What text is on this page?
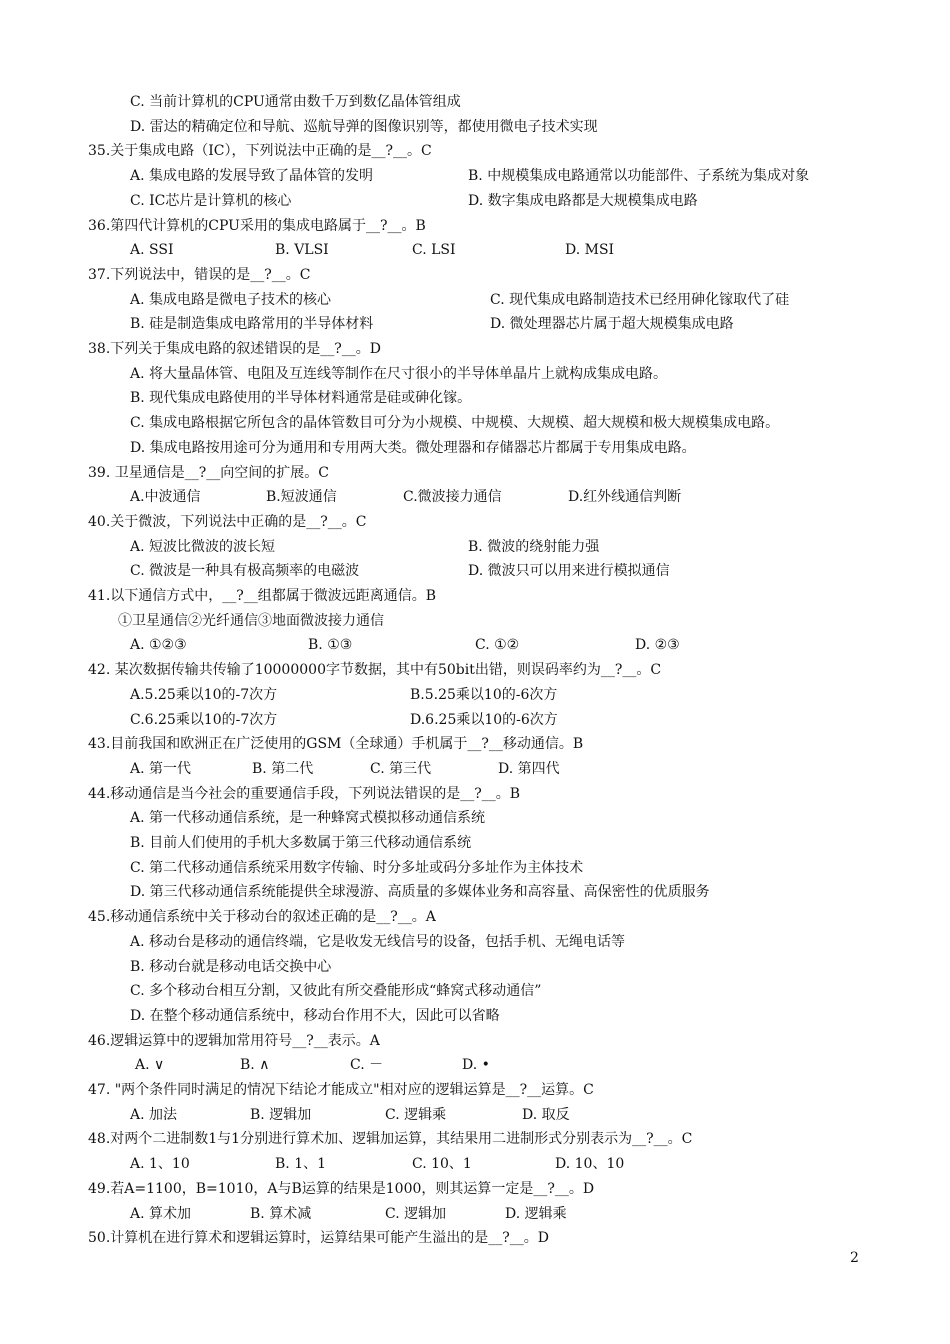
C. 当前计算机的CPU通常由数千万到数亿晶体管组成
D. 雷达的精确定位和导航、巡航导弹的图像识别等，都使用微电子技术实现
35.关于集成电路（IC），下列说法中正确的是__?__。C
A. 集成电路的发展导致了晶体管的发明	B. 中规模集成电路通常以功能部件、子系统为集成对象
C. IC芯片是计算机的核心	D. 数字集成电路都是大规模集成电路
36.第四代计算机的CPU采用的集成电路属于__?__。B
A. SSI	B. VLSI	C. LSI	D. MSI
37.下列说法中，错误的是__?__。C
A. 集成电路是微电子技术的核心	C. 现代集成电路制造技术已经用砷化镓取代了硅
B. 硅是制造集成电路常用的半导体材料	D. 微处理器芯片属于超大规模集成电路
38.下列关于集成电路的叙述错误的是__?__。D
A. 将大量晶体管、电阻及互连线等制作在尺寸很小的半导体单晶片上就构成集成电路。
B. 现代集成电路使用的半导体材料通常是硅或砷化镓。
C. 集成电路根据它所包含的晶体管数目可分为小规模、中规模、大规模、超大规模和极大规模集成电路。
D. 集成电路按用途可分为通用和专用两大类。微处理器和存储器芯片都属于专用集成电路。
39. 卫星通信是__?__向空间的扩展。C
A.中波通信	B.短波通信	C.微波接力通信	D.红外线通信判断
40.关于微波，下列说法中正确的是__?__。C
A. 短波比微波的波长短	B. 微波的绕射能力强
C. 微波是一种具有极高频率的电磁波	D. 微波只可以用来进行模拟通信
41.以下通信方式中，__?__组都属于微波远距离通信。B
①卫星通信②光纤通信③地面微波接力通信
A. ①②③	B. ①③	C. ①②	D. ②③
42. 某次数据传输共传输了10000000字节数据，其中有50bit出错，则误码率约为__?__。C
A.5.25乘以10的-7次方	B.5.25乘以10的-6次方
C.6.25乘以10的-7次方	D.6.25乘以10的-6次方
43.目前我国和欧洲正在广泛使用的GSM（全球通）手机属于__?__移动通信。B
A. 第一代	B. 第二代	C. 第三代	D. 第四代
44.移动通信是当今社会的重要通信手段，下列说法错误的是__?__。B
A. 第一代移动通信系统，是一种蜂窝式模拟移动通信系统
B. 目前人们使用的手机大多数属于第三代移动通信系统
C. 第二代移动通信系统采用数字传输、时分多址或码分多址作为主体技术
D. 第三代移动通信系统能提供全球漫游、高质量的多媒体业务和高容量、高保密性的优质服务
45.移动通信系统中关于移动台的叙述正确的是__?__。A
A. 移动台是移动的通信终端，它是收发无线信号的设备，包括手机、无绳电话等
B. 移动台就是移动电话交换中心
C. 多个移动台相互分割，又彼此有所交叠能形成“蜂窝式移动通信”
D. 在整个移动通信系统中，移动台作用不大，因此可以省略
46.逻辑运算中的逻辑加常用符号__?__表示。A
A. ∨	B. ∧	C. －	D. •
47. "两个条件同时满足的情况下结论才能成立"相对应的逻辑运算是__?__运算。C
A. 加法	B. 逻辑加	C. 逻辑乘	D. 取反
48.对两个二进制数1与1分别进行算术加、逻辑加运算，其结果用二进制形式分别表示为__?__。C
A. 1、10	B. 1、1	C. 10、1	D. 10、10
49.若A=1100，B=1010，A与B运算的结果是1000，则其运算一定是__?__。D
A. 算术加	B. 算术减	C. 逻辑加	D. 逻辑乘
50.计算机在进行算术和逻辑运算时，运算结果可能产生溢出的是__?__。D
2
